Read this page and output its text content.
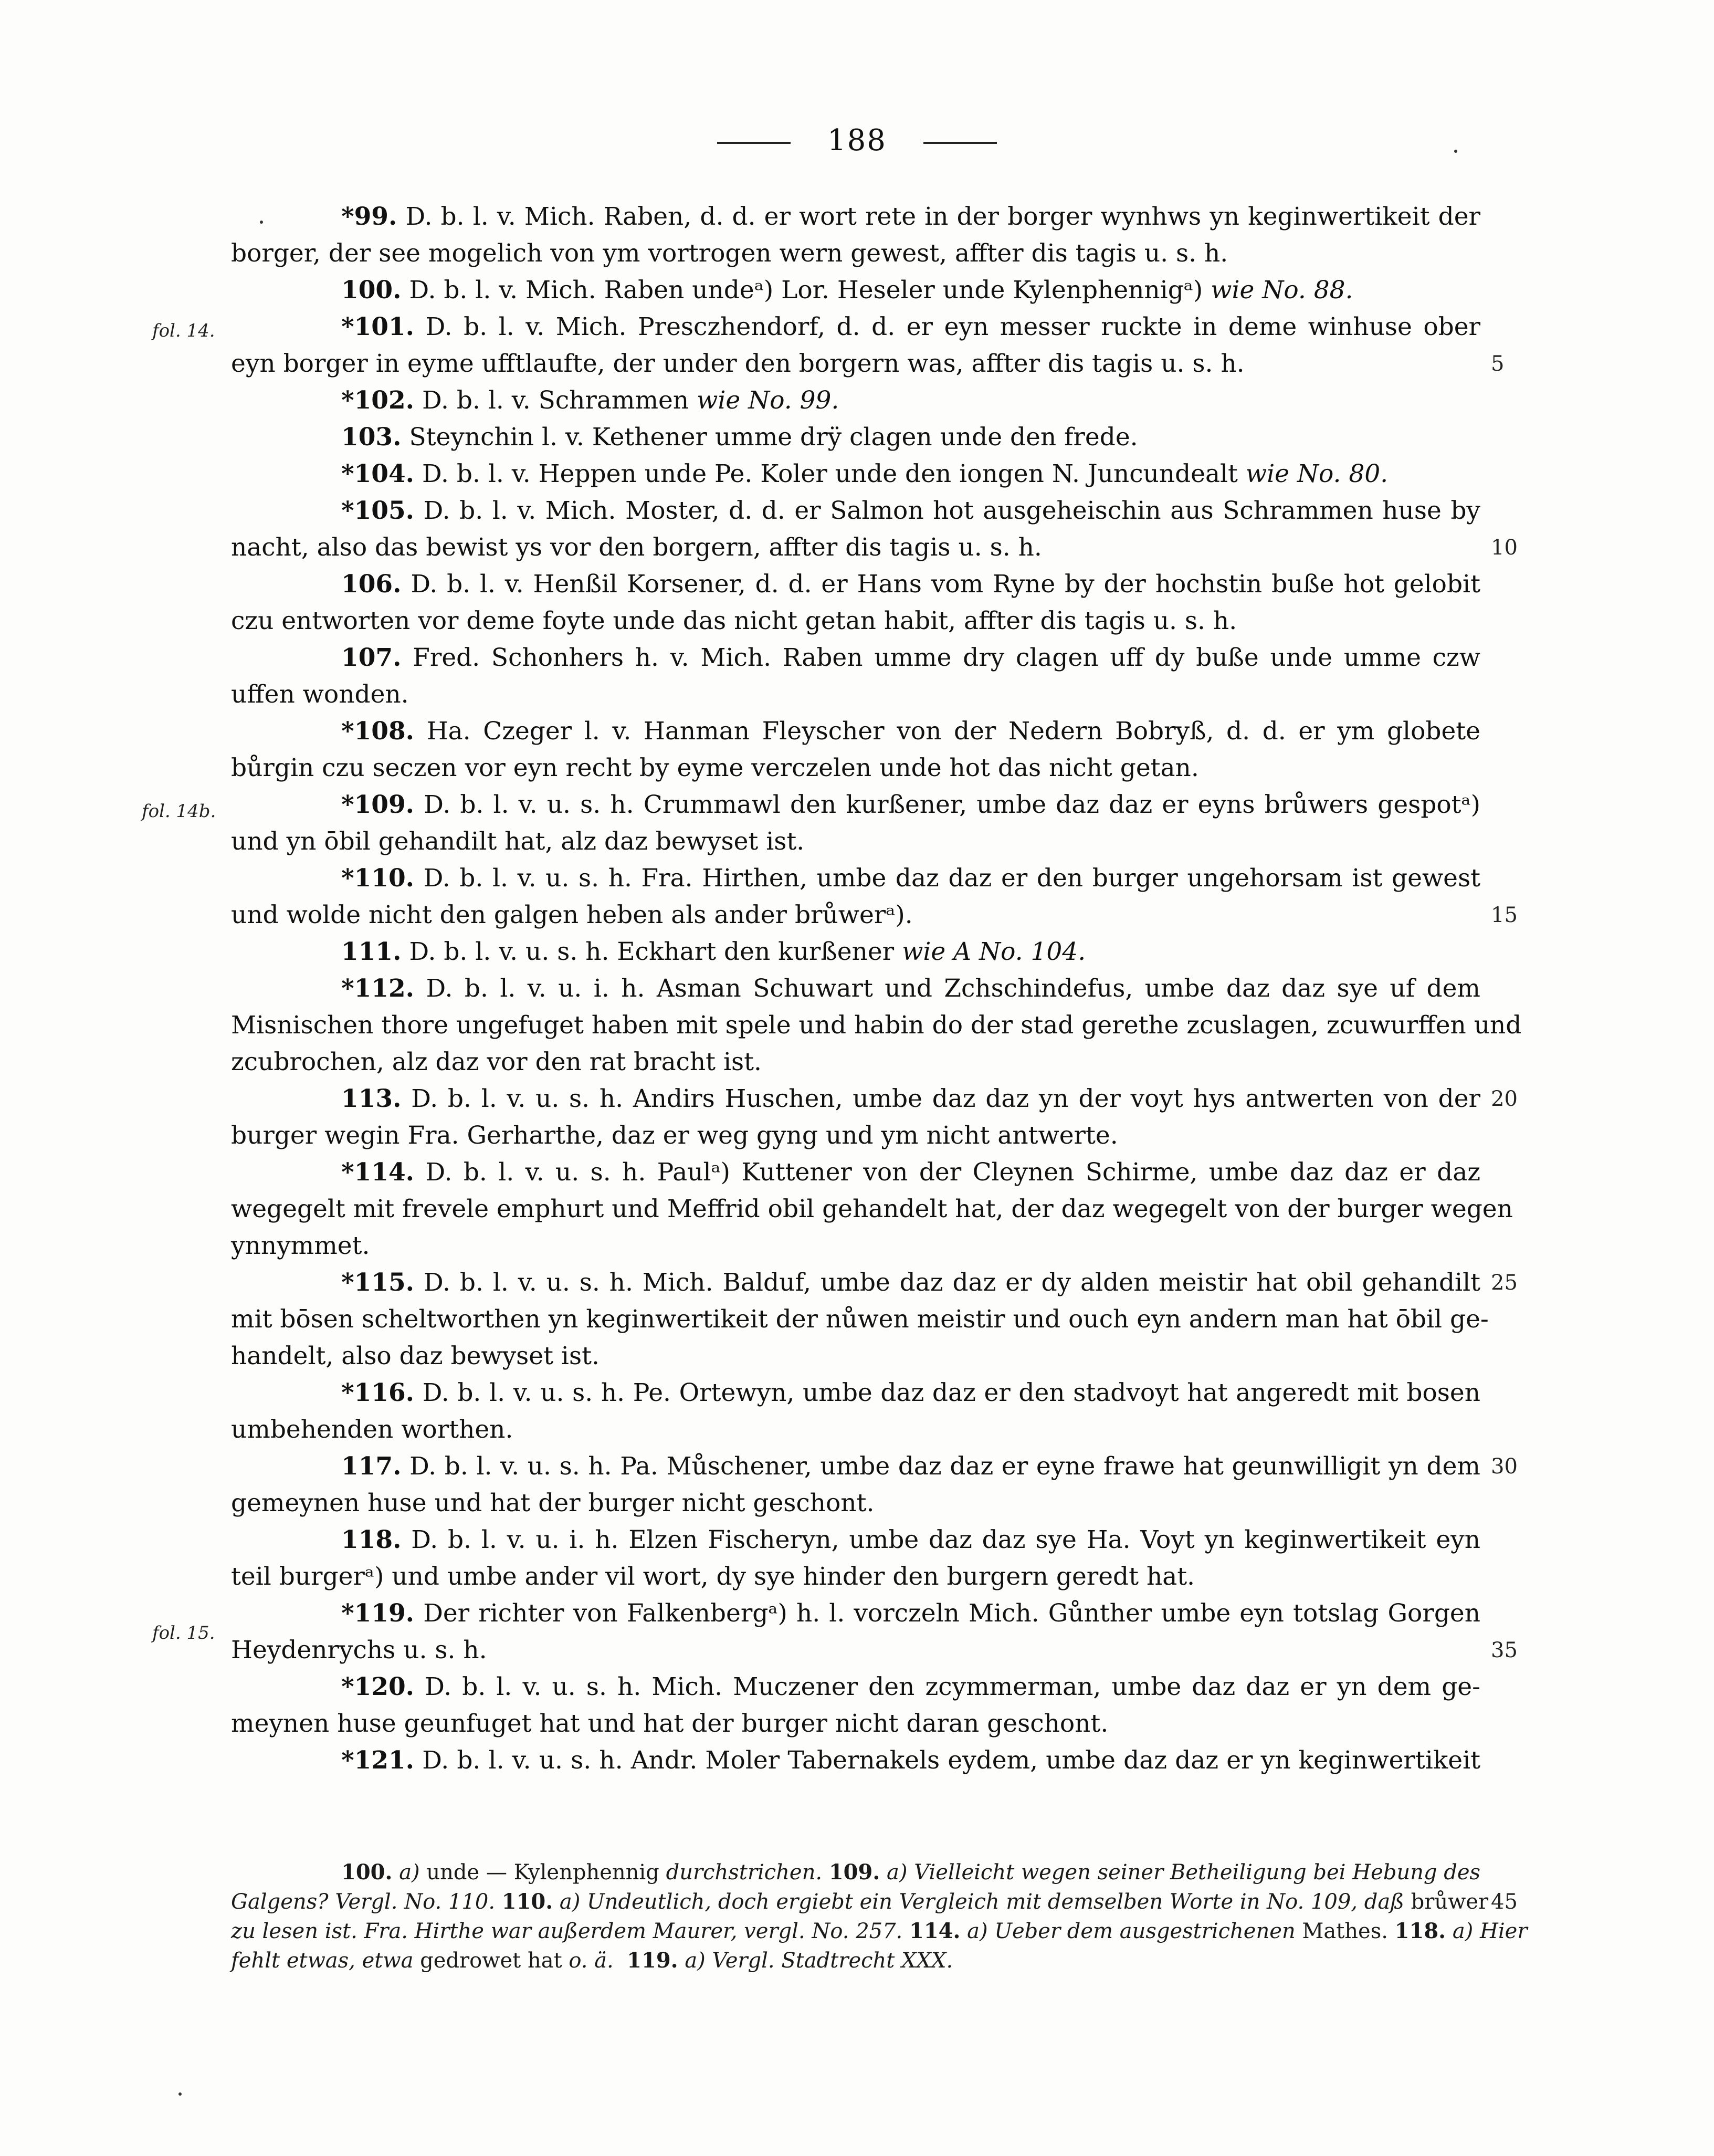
188
fol. 14.
fol. 14b.
fol. 15.
*99. D. b. l. v. Mich. Raben, d. d. er wort rete in der borger wynhws yn keginwertikeit der
borger, der see mogelich von ym vortrogen wern gewest, affter dis tagis u. s. h.
100. D. b. l. v. Mich. Raben undeᵃ) Lor. Heseler unde Kylenphennigᵃ) wie No. 88.
*101. D. b. l. v. Mich. Presczhendorf, d. d. er eyn messer ruckte in deme winhuse ober
eyn borger in eyme ufftlaufte, der under den borgern was, affter dis tagis u. s. h.	5
*102. D. b. l. v. Schrammen wie No. 99.
103. Steynchin l. v. Kethener umme drÿ clagen unde den frede.
*104. D. b. l. v. Heppen unde Pe. Koler unde den iongen N. Juncundealt wie No. 80.
*105. D. b. l. v. Mich. Moster, d. d. er Salmon hot ausgeheischin aus Schrammen huse by
nacht, also das bewist ys vor den borgern, affter dis tagis u. s. h.	10
106. D. b. l. v. Henßil Korsener, d. d. er Hans vom Ryne by der hochstin buße hot gelobit
czu entworten vor deme foyte unde das nicht getan habit, affter dis tagis u. s. h.
107. Fred. Schonhers h. v. Mich. Raben umme dry clagen uff dy buße unde umme czw
uffen wonden.
*108. Ha. Czeger l. v. Hanman Fleyscher von der Nedern Bobryß, d. d. er ym globete
bůrgin czu seczen vor eyn recht by eyme verczelen unde hot das nicht getan.
*109. D. b. l. v. u. s. h. Crummawl den kurßener, umbe daz daz er eyns brůwers gespotᵃ)
und yn ōbil gehandilt hat, alz daz bewyset ist.
*110. D. b. l. v. u. s. h. Fra. Hirthen, umbe daz daz er den burger ungehorsam ist gewest
und wolde nicht den galgen heben als ander brůwerᵃ).	15
111. D. b. l. v. u. s. h. Eckhart den kurßener wie A No. 104.
*112. D. b. l. v. u. i. h. Asman Schuwart und Zchschindefus, umbe daz daz sye uf dem
Misnischen thore ungefuget haben mit spele und habin do der stad gerethe zcuslagen, zcuwurffen und
zcubrochen, alz daz vor den rat bracht ist.
113. D. b. l. v. u. s. h. Andirs Huschen, umbe daz daz yn der voyt hys antwerten von der 20
burger wegin Fra. Gerharthe, daz er weg gyng und ym nicht antwerte.
*114. D. b. l. v. u. s. h. Paulᵃ) Kuttener von der Cleynen Schirme, umbe daz daz er daz
wegegelt mit frevele emphurt und Meffrid obil gehandelt hat, der daz wegegelt von der burger wegen
ynnymmet.
*115. D. b. l. v. u. s. h. Mich. Balduf, umbe daz daz er dy alden meistir hat obil gehandilt 25
mit bōsen scheltworthen yn keginwertikeit der nůwen meistir und ouch eyn andern man hat ōbil ge-
handelt, also daz bewyset ist.
*116. D. b. l. v. u. s. h. Pe. Ortewyn, umbe daz daz er den stadvoyt hat angeredt mit bosen
umbehenden worthen.
117. D. b. l. v. u. s. h. Pa. Můschener, umbe daz daz er eyne frawe hat geunwilligit yn dem 30
gemeynen huse und hat der burger nicht geschont.
118. D. b. l. v. u. i. h. Elzen Fischeryn, umbe daz daz sye Ha. Voyt yn keginwertikeit eyn
teil burgerᵃ) und umbe ander vil wort, dy sye hinder den burgern geredt hat.
*119. Der richter von Falkenbergᵃ) h. l. vorczeln Mich. Gůnther umbe eyn totslag Gorgen
Heydenrychs u. s. h.	35
*120. D. b. l. v. u. s. h. Mich. Muczener den zcymmerman, umbe daz daz er yn dem ge-
meynen huse geunfuget hat und hat der burger nicht daran geschont.
*121. D. b. l. v. u. s. h. Andr. Moler Tabernakels eydem, umbe daz daz er yn keginwertikeit
100. a) unde — Kylenphennig durchstrichen. 109. a) Vielleicht wegen seiner Betheiligung bei Hebung des
Galgens? Vergl. No. 110. 110. a) Undeutlich, doch ergiebt ein Vergleich mit demselben Worte in No. 109, daß brůwer 45
zu lesen ist. Fra. Hirthe war außerdem Maurer, vergl. No. 257. 114. a) Ueber dem ausgestrichenen Mathes. 118. a) Hier
fehlt etwas, etwa gedrowet hat o. ä. 119. a) Vergl. Stadtrecht XXX.
